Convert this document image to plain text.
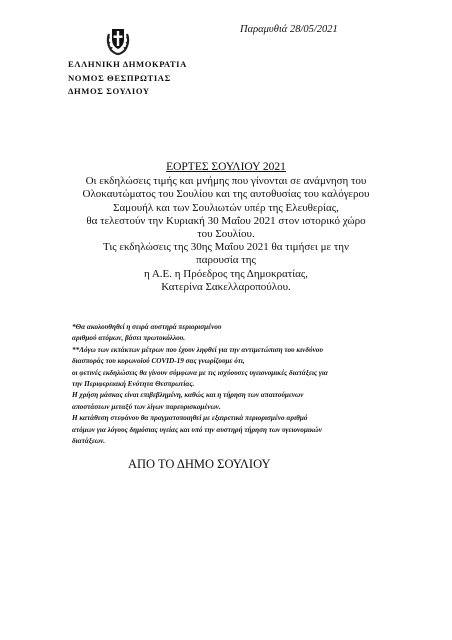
Παραμυθιά 28/05/2021
ΕΛΛΗΝΙΚΗ ΔΗΜΟΚΡΑΤΙΑ
ΝΟΜΟΣ ΘΕΣΠΡΩΤΙΑΣ
ΔΗΜΟΣ ΣΟΥΛΙΟΥ
ΕΟΡΤΕΣ ΣΟΥΛΙΟΥ 2021
Οι εκδηλώσεις τιμής και μνήμης που γίνονται σε ανάμνηση του
Ολοκαυτώματος του Σουλίου και της αυτοθυσίας του καλόγερου
Σαμουήλ και των Σουλιωτών υπέρ της Ελευθερίας,
θα τελεστούν την Κυριακή 30 Μαΐου 2021 στον ιστορικό χώρο
του Σουλίου.
Τις εκδηλώσεις της 30ης Μαΐου 2021 θα τιμήσει με την
παρουσία της
η Α.Ε. η Πρόεδρος της Δημοκρατίας,
Κατερίνα Σακελλαροπούλου.
*Θα ακολουθηθεί η σειρά αυστηρά περιορισμένου
αριθμού ατόμων, βάσει πρωτοκόλλου.
**Λόγω των εκτάκτων μέτρων που έχουν ληφθεί για την αντιμετώπιση του κινδύνου
διασποράς του κορωνοϊού COVID-19 σας γνωρίζουμε ότι,
οι φετινές εκδηλώσεις θα γίνουν σύμφωνα με τις ισχύουσες υγειονομικές διατάξεις για
την Περιφερειακή Ενότητα Θεσπρωτίας.
Η χρήση μάσκας είναι επιβεβλημένη, καθώς και η τήρηση των απαιτούμενων
αποστάσεων μεταξύ των λίγων παρευρισκομένων.
Η κατάθεση στεφάνου θα πραγματοποιηθεί με εξαιρετικά περιορισμένο αριθμό
ατόμων για λόγους δημόσιας υγείας και υπό την αυστηρή τήρηση των υγειονομικών
διατάξεων.
ΑΠΟ ΤΟ ΔΗΜΟ ΣΟΥΛΙΟΥ
